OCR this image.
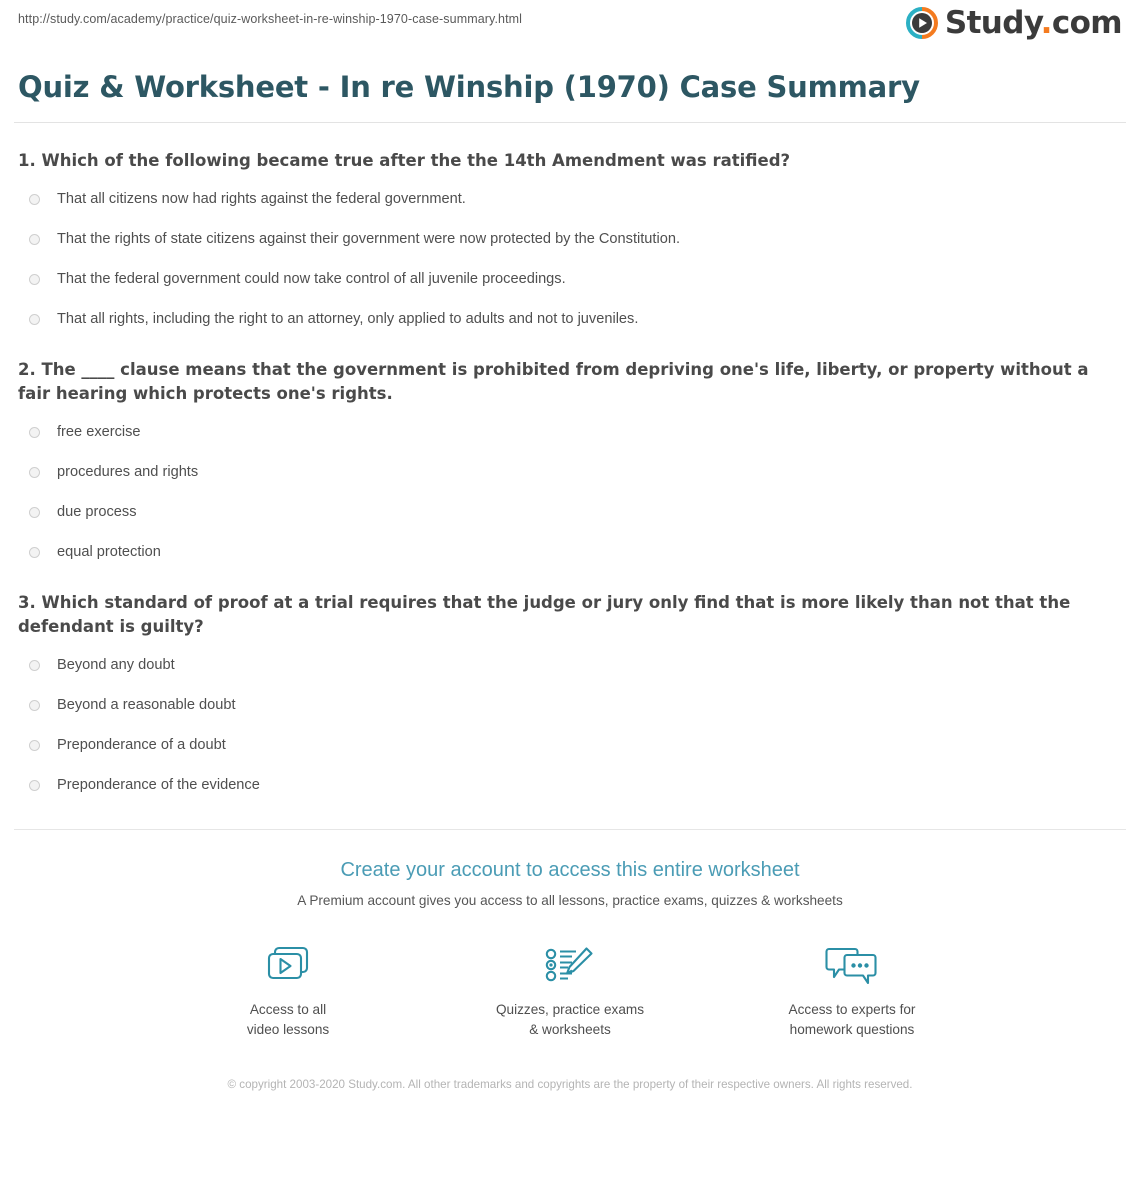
http://study.com/academy/practice/quiz-worksheet-in-re-winship-1970-case-summary.html	Study.com
Quiz & Worksheet - In re Winship (1970) Case Summary
1. Which of the following became true after the the 14th Amendment was ratified?
That all citizens now had rights against the federal government.
That the rights of state citizens against their government were now protected by the Constitution.
That the federal government could now take control of all juvenile proceedings.
That all rights, including the right to an attorney, only applied to adults and not to juveniles.
2. The ____ clause means that the government is prohibited from depriving one's life, liberty, or property without a fair hearing which protects one's rights.
free exercise
procedures and rights
due process
equal protection
3. Which standard of proof at a trial requires that the judge or jury only find that is more likely than not that the defendant is guilty?
Beyond any doubt
Beyond a reasonable doubt
Preponderance of a doubt
Preponderance of the evidence
Create your account to access this entire worksheet
A Premium account gives you access to all lessons, practice exams, quizzes & worksheets
Access to all
video lessons
Quizzes, practice exams
& worksheets
Access to experts for
homework questions
© copyright 2003-2020 Study.com. All other trademarks and copyrights are the property of their respective owners. All rights reserved.
